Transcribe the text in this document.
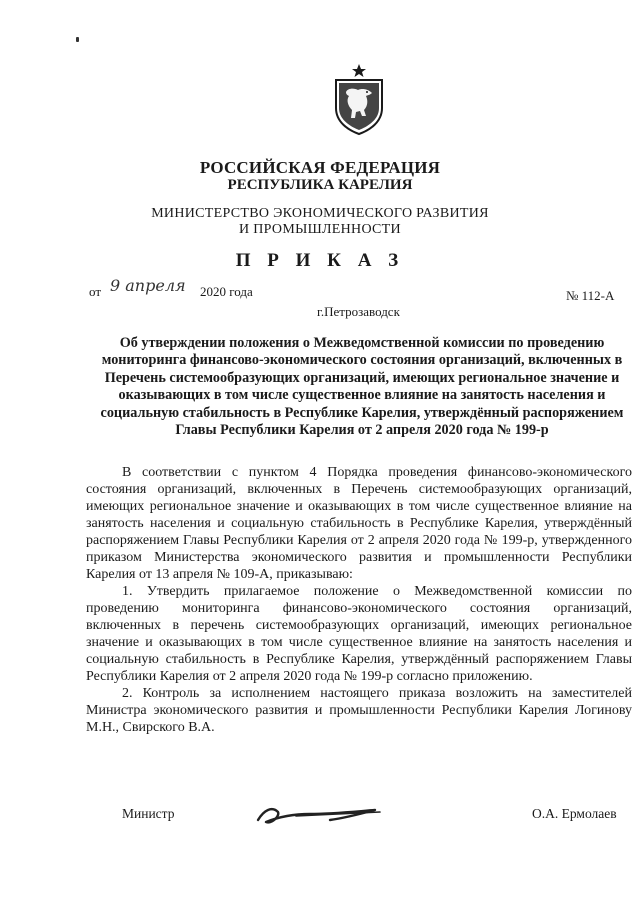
РОССИЙСКАЯ ФЕДЕРАЦИЯ
РЕСПУБЛИКА КАРЕЛИЯ
МИНИСТЕРСТВО ЭКОНОМИЧЕСКОГО РАЗВИТИЯ
И ПРОМЫШЛЕННОСТИ
П Р И К А З
от 9 апреля 2020 года	№ 112-А
г.Петрозаводск
Об утверждении положения о Межведомственной комиссии по проведению мониторинга финансово-экономического состояния организаций, включенных в Перечень системообразующих организаций, имеющих региональное значение и оказывающих в том числе существенное влияние на занятость населения и социальную стабильность в Республике Карелия, утверждённый распоряжением Главы Республики Карелия от 2 апреля 2020 года № 199-р

В соответствии с пунктом 4 Порядка проведения финансово-экономического состояния организаций, включенных в Перечень системообразующих организаций, имеющих региональное значение и оказывающих в том числе существенное влияние на занятость населения и социальную стабильность в Республике Карелия, утверждённый распоряжением Главы Республики Карелия от 2 апреля 2020 года № 199-р, утвержденного приказом Министерства экономического развития и промышленности Республики Карелия от 13 апреля № 109-А, приказываю:

1. Утвердить прилагаемое положение о Межведомственной комиссии по проведению мониторинга финансово-экономического состояния организаций, включенных в перечень системообразующих организаций, имеющих региональное значение и оказывающих в том числе существенное влияние на занятость населения и социальную стабильность в Республике Карелия, утверждённый распоряжением Главы Республики Карелия от 2 апреля 2020 года № 199-р согласно приложению.

2. Контроль за исполнением настоящего приказа возложить на заместителей Министра экономического развития и промышленности Республики Карелия Логинову М.Н., Свирского В.А.

Министр	О.А. Ермолаев
